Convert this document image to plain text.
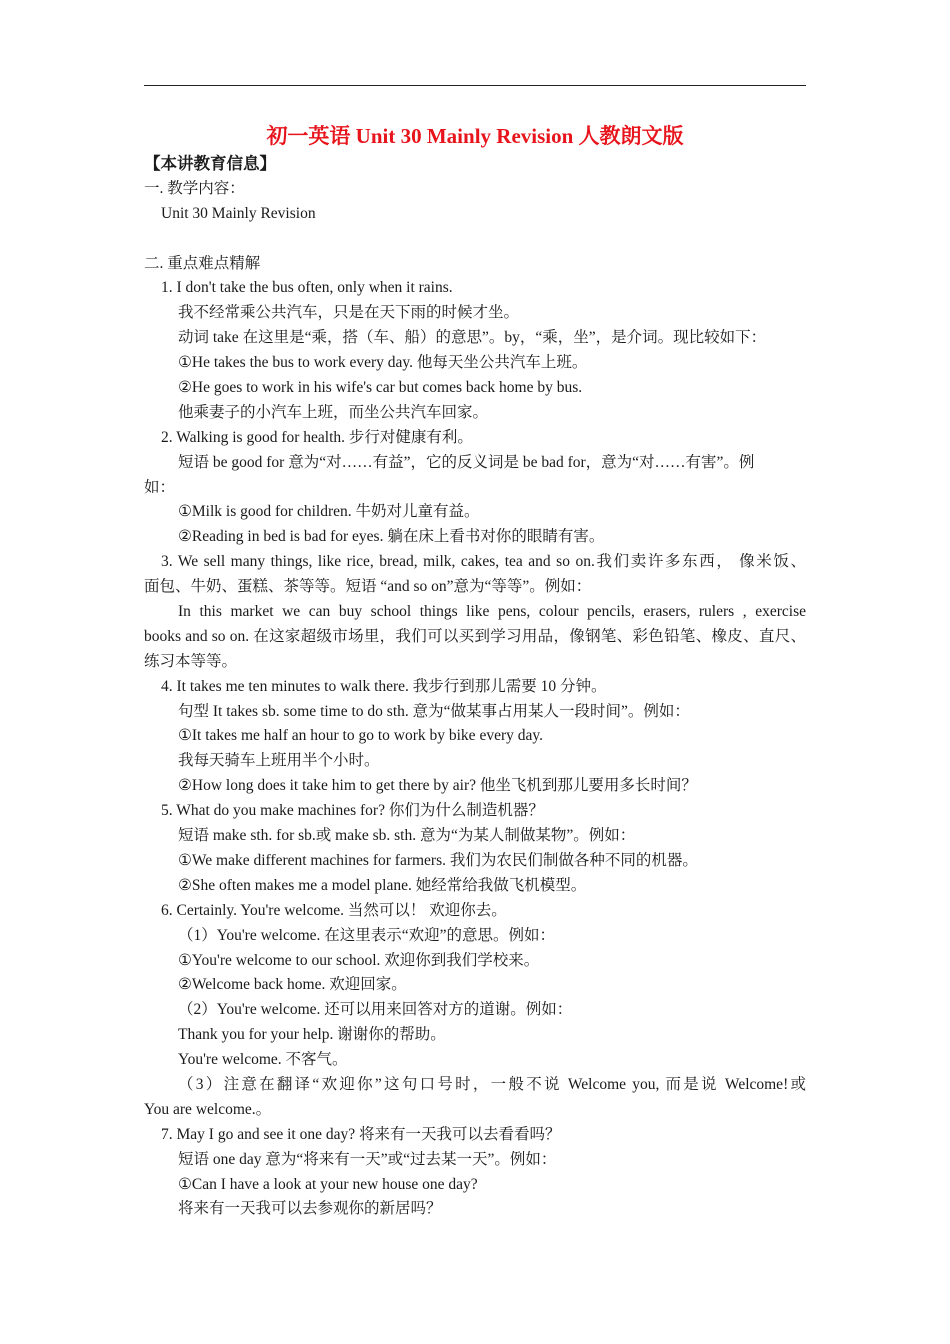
初一英语 Unit 30 Mainly Revision 人教朗文版
【本讲教育信息】
一. 教学内容：
Unit 30 Mainly Revision
二. 重点难点精解
1. I don't take the bus often, only when it rains.
我不经常乘公共汽车，只是在天下雨的时候才坐。
动词 take 在这里是“乘，搭（车、船）的意思”。by，“乘，坐”，是介词。现比较如下：
①He takes the bus to work every day. 他每天坐公共汽车上班。
②He goes to work in his wife's car but comes back home by bus.
他乘妻子的小汽车上班，而坐公共汽车回家。
2. Walking is good for health. 步行对健康有利。
短语 be good for 意为“对……有益”，它的反义词是 be bad for，意为“对……有害”。例
如：
①Milk is good for children. 牛奶对儿童有益。
②Reading in bed is bad for eyes. 躺在床上看书对你的眼睛有害。
3. We sell many things, like rice, bread, milk, cakes, tea and so on.我们卖许多东西， 像米饭、
面包、牛奶、蛋糕、茶等等。短语 “and so on”意为“等等”。例如：
In this market we can buy school things like pens, colour pencils, erasers, rulers , exercise
books and so on. 在这家超级市场里，我们可以买到学习用品，像钢笔、彩色铅笔、橡皮、直尺、
练习本等等。
4. It takes me ten minutes to walk there. 我步行到那儿需要 10 分钟。
句型 It takes sb. some time to do sth. 意为“做某事占用某人一段时间”。例如：
①It takes me half an hour to go to work by bike every day.
我每天骑车上班用半个小时。
②How long does it take him to get there by air? 他坐飞机到那儿要用多长时间？
5. What do you make machines for? 你们为什么制造机器？
短语 make sth. for sb.或 make sb. sth. 意为“为某人制做某物”。例如：
①We make different machines for farmers. 我们为农民们制做各种不同的机器。
②She often makes me a model plane. 她经常给我做飞机模型。
6. Certainly. You're welcome. 当然可以！ 欢迎你去。
（1）You're welcome. 在这里表示“欢迎”的意思。例如：
①You're welcome to our school. 欢迎你到我们学校来。
②Welcome back home. 欢迎回家。
（2）You're welcome. 还可以用来回答对方的道谢。例如：
Thank you for your help. 谢谢你的帮助。
You're welcome. 不客气。
（3）注意在翻译“欢迎你”这句口号时，一般不说 Welcome you, 而是说 Welcome!或
You are welcome.。
7. May I go and see it one day? 将来有一天我可以去看看吗？
短语 one day 意为“将来有一天”或“过去某一天”。例如：
①Can I have a look at your new house one day?
将来有一天我可以去参观你的新居吗？
